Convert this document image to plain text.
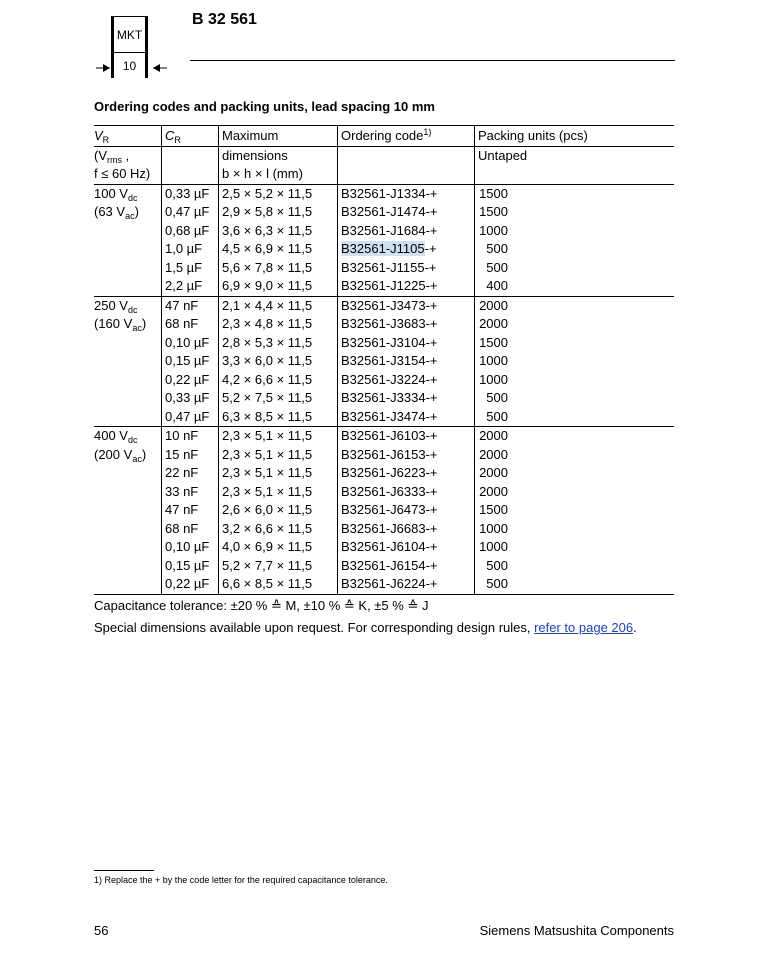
MKT
10
B 32 561
Ordering codes and packing units, lead spacing 10 mm
$V_R$	$C_R$	Maximum	Ordering code$^{1)}$	Packing units (pcs)
($V_{rms}$ ,		dimensions		Untaped
f ≤ 60 Hz)		b × h × l (mm)		
100 $V_{dc}$	0,33 µF	2,5 × 5,2 × 11,5	B32561-J1334-+	1500
(63 $V_{ac}$)	0,47 µF	2,9 × 5,8 × 11,5	B32561-J1474-+	1500
	0,68 µF	3,6 × 6,3 × 11,5	B32561-J1684-+	1000
	1,0 µF	4,5 × 6,9 × 11,5	B32561-J1105-+	500
	1,5 µF	5,6 × 7,8 × 11,5	B32561-J1155-+	500
	2,2 µF	6,9 × 9,0 × 11,5	B32561-J1225-+	400
250 $V_{dc}$	47 nF	2,1 × 4,4 × 11,5	B32561-J3473-+	2000
(160 $V_{ac}$)	68 nF	2,3 × 4,8 × 11,5	B32561-J3683-+	2000
	0,10 µF	2,8 × 5,3 × 11,5	B32561-J3104-+	1500
	0,15 µF	3,3 × 6,0 × 11,5	B32561-J3154-+	1000
	0,22 µF	4,2 × 6,6 × 11,5	B32561-J3224-+	1000
	0,33 µF	5,2 × 7,5 × 11,5	B32561-J3334-+	500
	0,47 µF	6,3 × 8,5 × 11,5	B32561-J3474-+	500
400 $V_{dc}$	10 nF	2,3 × 5,1 × 11,5	B32561-J6103-+	2000
(200 $V_{ac}$)	15 nF	2,3 × 5,1 × 11,5	B32561-J6153-+	2000
	22 nF	2,3 × 5,1 × 11,5	B32561-J6223-+	2000
	33 nF	2,3 × 5,1 × 11,5	B32561-J6333-+	2000
	47 nF	2,6 × 6,0 × 11,5	B32561-J6473-+	1500
	68 nF	3,2 × 6,6 × 11,5	B32561-J6683-+	1000
	0,10 µF	4,0 × 6,9 × 11,5	B32561-J6104-+	1000
	0,15 µF	5,2 × 7,7 × 11,5	B32561-J6154-+	500
	0,22 µF	6,6 × 8,5 × 11,5	B32561-J6224-+	500

Capacitance tolerance: ±20 % ≙ M, ±10 % ≙ K, ±5 % ≙ J

Special dimensions available upon request. For corresponding design rules, refer to page 206.

1) Replace the + by the code letter for the required capacitance tolerance.

56	Siemens Matsushita Components
